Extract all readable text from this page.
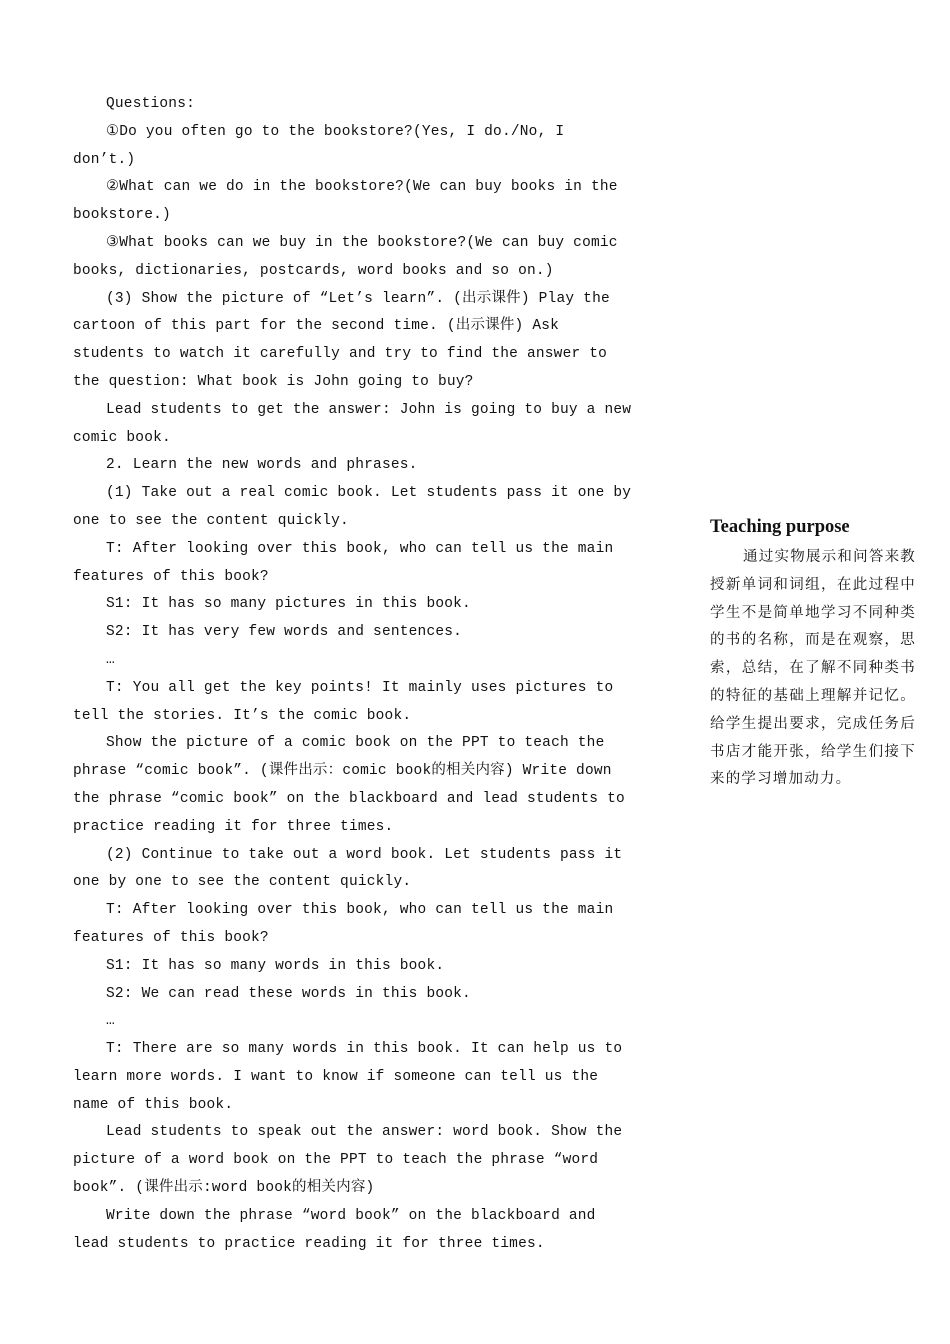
Questions:

①Do you often go to the bookstore?(Yes, I do./No, I don’t.)

②What can we do in the bookstore?(We can buy books in the bookstore.)

③What books can we buy in the bookstore?(We can buy comic books, dictionaries, postcards, word books and so on.)

(3) Show the picture of “Let’s learn”. (出示课件) Play the cartoon of this part for the second time. (出示课件) Ask students to watch it carefully and try to find the answer to the question: What book is John going to buy?

Lead students to get the answer: John is going to buy a new comic book.

2. Learn the new words and phrases.

(1) Take out a real comic book. Let students pass it one by one to see the content quickly.

T: After looking over this book, who can tell us the main features of this book?

S1: It has so many pictures in this book.

S2: It has very few words and sentences.

…

T: You all get the key points! It mainly uses pictures to tell the stories. It’s the comic book.

Show the picture of a comic book on the PPT to teach the phrase “comic book”. (课件出示：comic book的相关内容) Write down the phrase “comic book” on the blackboard and lead students to practice reading it for three times.

(2) Continue to take out a word book. Let students pass it one by one to see the content quickly.

T: After looking over this book, who can tell us the main features of this book?

S1: It has so many words in this book.

S2: We can read these words in this book.

…

T: There are so many words in this book. It can help us to learn more words. I want to know if someone can tell us the name of this book.

Lead students to speak out the answer: word book. Show the picture of a word book on the PPT to teach the phrase “word book”. (课件出示:word book的相关内容)

Write down the phrase “word book” on the blackboard and lead students to practice reading it for three times.

Teaching purpose

通过实物展示和问答来教授新单词和词组，在此过程中学生不是简单地学习不同种类的书的名称，而是在观察，思索，总结，在了解不同种类书的特征的基础上理解并记忆。给学生提出要求，完成任务后书店才能开张，给学生们接下来的学习增加动力。
